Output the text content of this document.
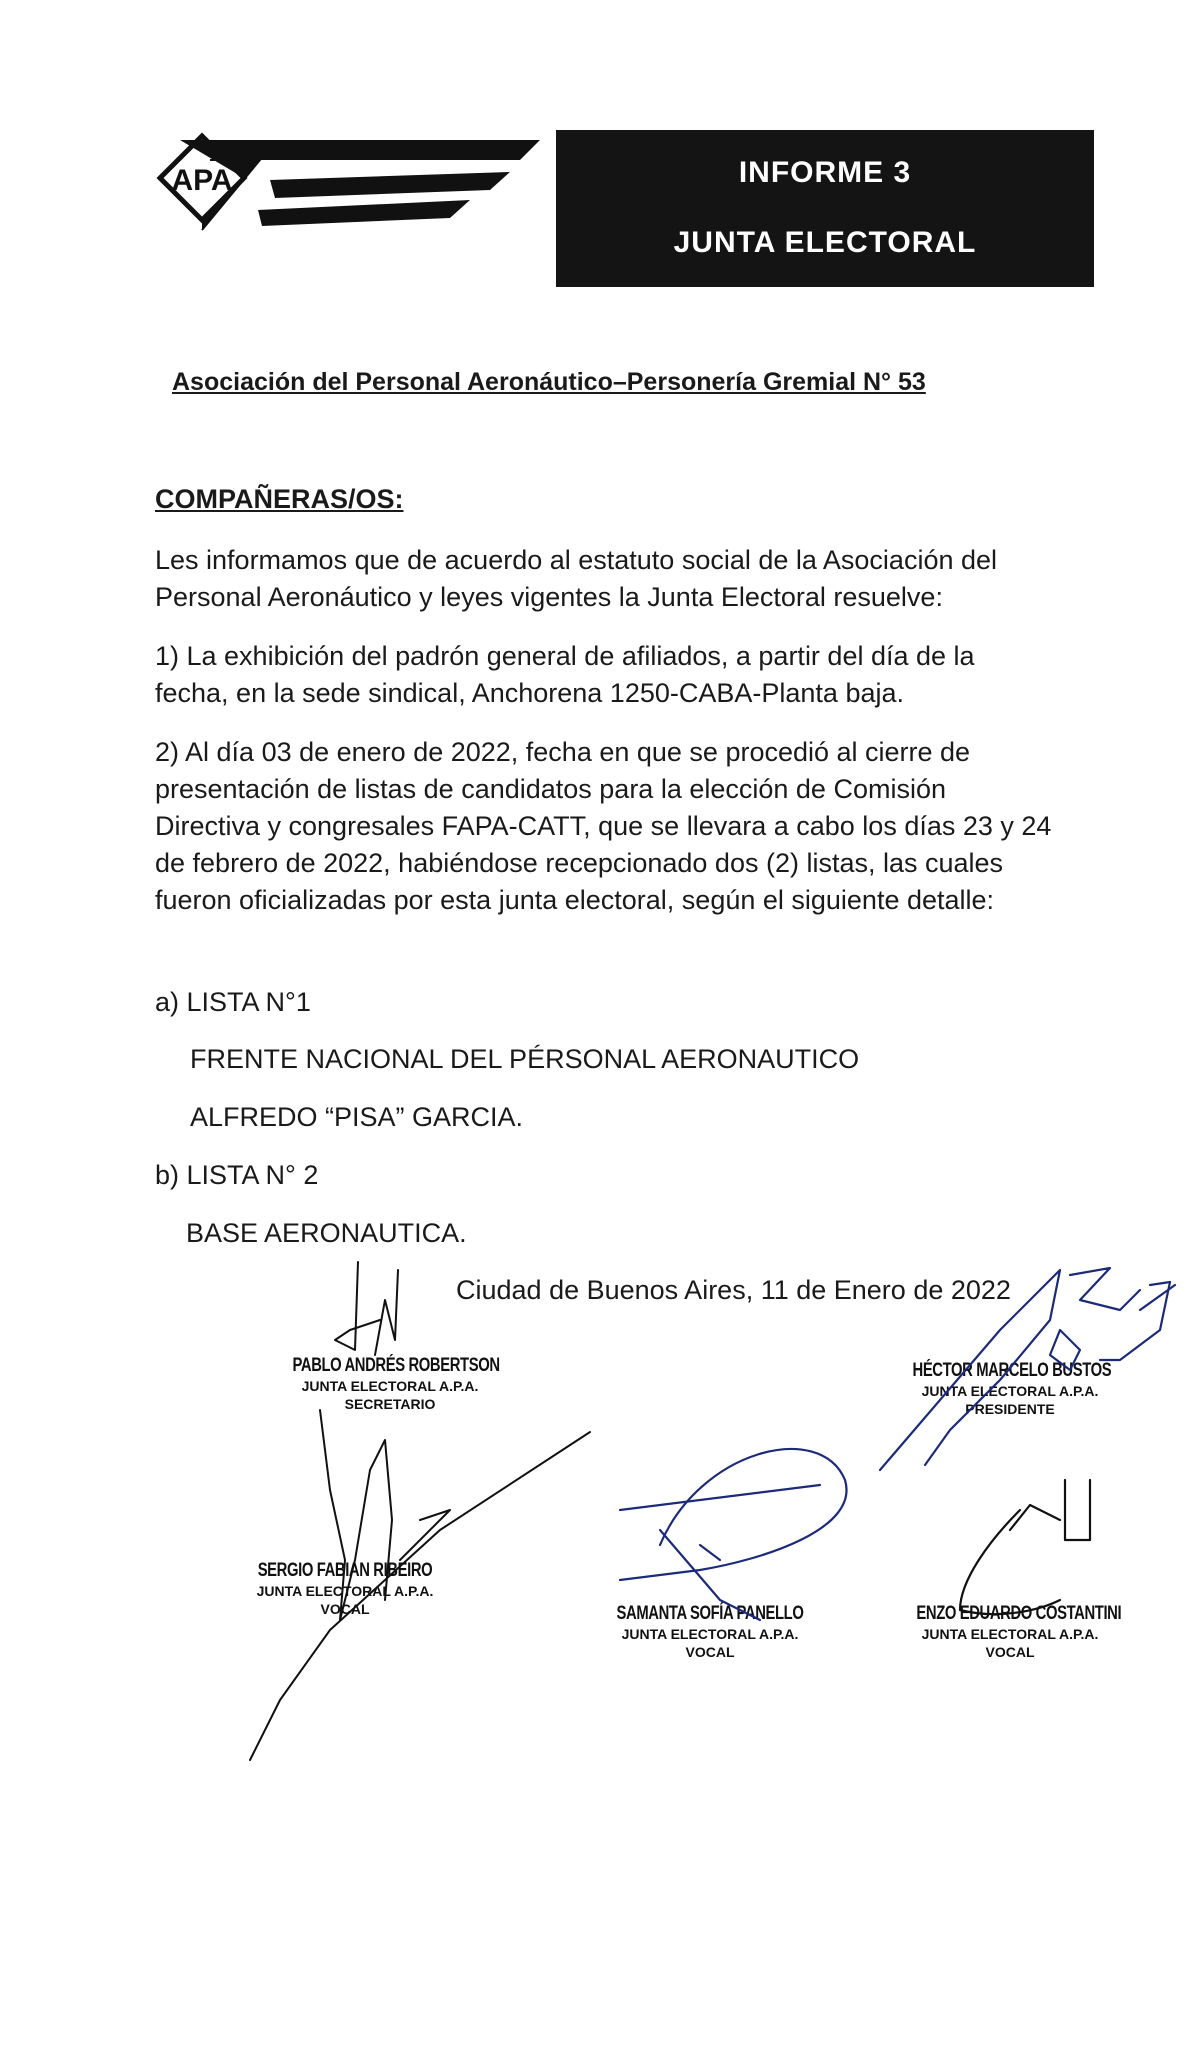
APA	INFORME 3
JUNTA ELECTORAL
Asociación del Personal Aeronáutico–Personería Gremial N° 53
COMPAÑERAS/OS:
Les informamos que de acuerdo al estatuto social de la Asociación del Personal Aeronáutico y leyes vigentes la Junta Electoral resuelve:
1) La exhibición del padrón general de afiliados, a partir del día de la fecha, en la sede sindical, Anchorena 1250-CABA-Planta baja.
2) Al día 03 de enero de 2022, fecha en que se procedió al cierre de presentación de listas de candidatos para la elección de Comisión Directiva y congresales FAPA-CATT, que se llevara a cabo los días 23 y 24 de febrero de 2022, habiéndose recepcionado dos (2) listas, las cuales fueron oficializadas por esta junta electoral, según el siguiente detalle:
a) LISTA N°1
FRENTE NACIONAL DEL PÉRSONAL AERONAUTICO
ALFREDO “PISA” GARCIA.
b) LISTA N° 2
BASE AERONAUTICA.
Ciudad de Buenos Aires, 11 de Enero de 2022
PABLO ANDRÉS ROBERTSON
JUNTA ELECTORAL A.P.A.
SECRETARIO
HÉCTOR MARCELO BUSTOS
JUNTA ELECTORAL A.P.A.
PRESIDENTE
SERGIO FABIAN RIBEIRO
JUNTA ELECTORAL A.P.A.
VOCAL	SAMANTA SOFÍA PANELLO
JUNTA ELECTORAL A.P.A.
VOCAL
ENZO EDUARDO COSTANTINI
JUNTA ELECTORAL A.P.A.
VOCAL
